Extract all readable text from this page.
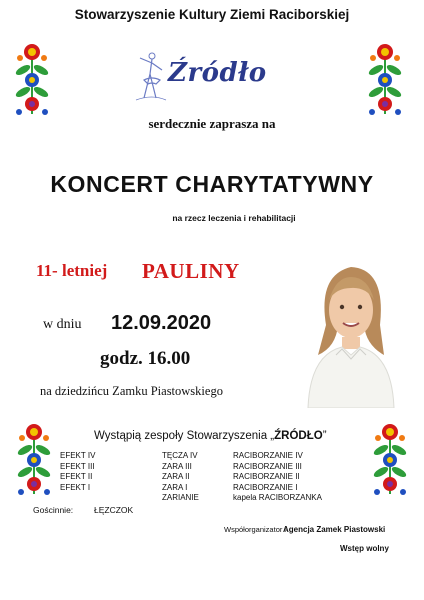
Stowarzyszenie Kultury Ziemi Raciborskiej
Źródło
serdecznie zaprasza na
KONCERT CHARYTATYWNY
na rzecz leczenia i rehabilitacji
11- letniej PAULINY
w dniu 12.09.2020
godz. 16.00
na dziedzińcu Zamku Piastowskiego
Wystąpią zespoły Stowarzyszenia „ŹRÓDŁO”
EFEKT IV
EFEKT III
EFEKT II
EFEKT I
TĘCZA IV
ZARA III
ZARA II
ZARA I
ZARIANIE
RACIBORZANIE IV
RACIBORZANIE III
RACIBORZANIE II
RACIBORZANIE I
kapela RACIBORZANKA
Gościnnie: ŁĘZCZOK
Współorganizator :
Agencja Zamek Piastowski
Wstęp wolny
